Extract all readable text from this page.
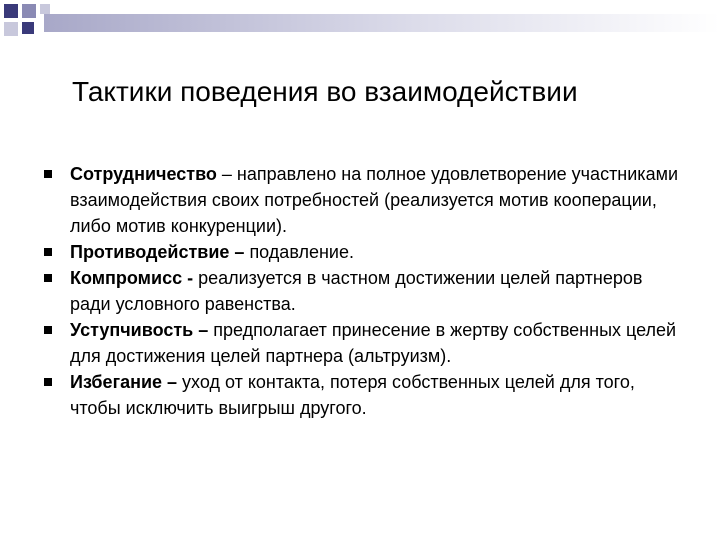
Тактики поведения во взаимодействии
Сотрудничество – направлено на полное удовлетворение участниками взаимодействия своих потребностей (реализуется мотив кооперации, либо мотив конкуренции).
Противодействие – подавление.
Компромисс - реализуется в частном достижении целей партнеров ради условного равенства.
Уступчивость – предполагает принесение в жертву собственных целей для достижения целей партнера (альтруизм).
Избегание – уход от контакта, потеря собственных целей для того, чтобы исключить выигрыш другого.
